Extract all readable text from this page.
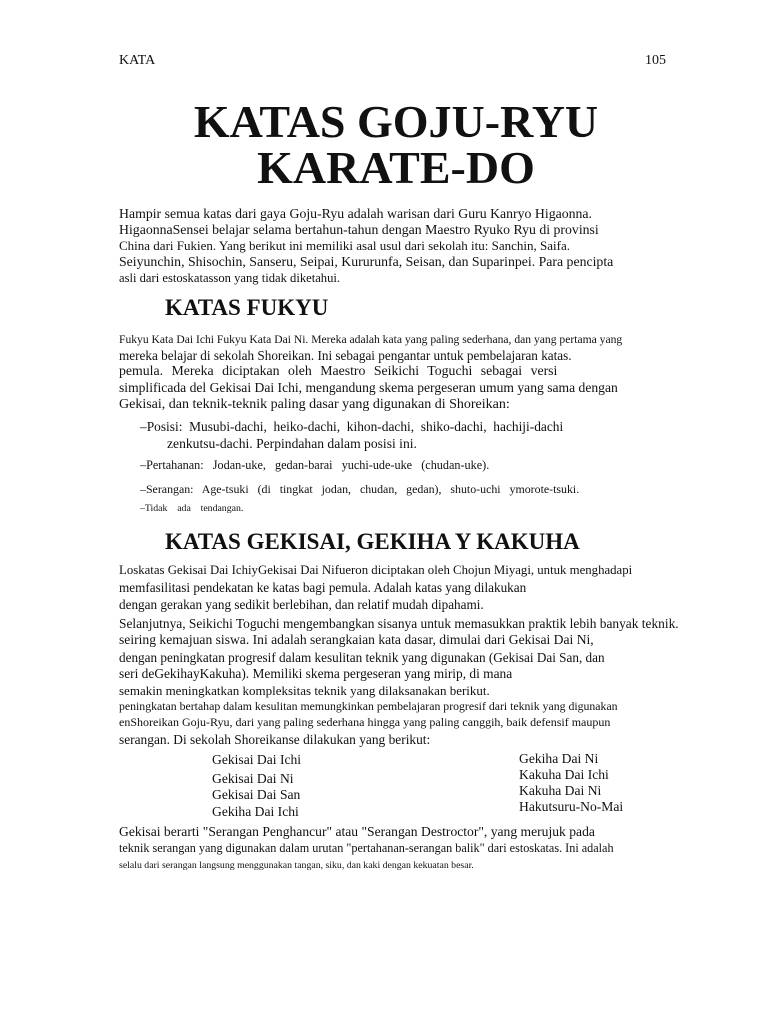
KATA	105
KATAS GOJU-RYU
KARATE-DO
Hampir semua katas dari gaya Goju-Ryu adalah warisan dari Guru Kanryo Higaonna.
HigaonnaSensei belajar selama bertahun-tahun dengan Maestro Ryuko Ryu di provinsi
China dari Fukien. Yang berikut ini memiliki asal usul dari sekolah itu: Sanchin, Saifa.
Seiyunchin, Shisochin, Sanseru, Seipai, Kururunfa, Seisan, dan Suparinpei. Para pencipta
asli dari estoskatasson yang tidak diketahui.
KATAS FUKYU
Fukyu Kata Dai Ichi Fukyu Kata Dai Ni. Mereka adalah kata yang paling sederhana, dan yang pertama yang
mereka belajar di sekolah Shoreikan. Ini sebagai pengantar untuk pembelajaran katas.
pemula. Mereka diciptakan oleh Maestro Seikichi Toguchi sebagai versi
simplificada del Gekisai Dai Ichi, mengandung skema pergeseran umum yang sama dengan
Gekisai, dan teknik-teknik paling dasar yang digunakan di Shoreikan:
–Posisi:  Musubi-dachi,  heiko-dachi,  kihon-dachi,  shiko-dachi,  hachiji-dachi
zenkutsu-dachi. Perpindahan dalam posisi ini.
–Pertahanan:   Jodan-uke,   gedan-barai   yuchi-ude-uke   (chudan-uke).
–Serangan:   Age-tsuki   (di   tingkat   jodan,   chudan,   gedan),   shuto-uchi   ymorote-tsuki.
–Tidak    ada    tendangan.
KATAS GEKISAI, GEKIHA Y KAKUHA
Loskatas Gekisai Dai IchiyGekisai Dai Nifueron diciptakan oleh Chojun Miyagi, untuk menghadapi
memfasilitasi pendekatan ke katas bagi pemula. Adalah katas yang dilakukan
dengan gerakan yang sedikit berlebihan, dan relatif mudah dipahami.
Selanjutnya, Seikichi Toguchi mengembangkan sisanya untuk memasukkan praktik lebih banyak teknik.
seiring kemajuan siswa. Ini adalah serangkaian kata dasar, dimulai dari Gekisai Dai Ni,
dengan peningkatan progresif dalam kesulitan teknik yang digunakan (Gekisai Dai San, dan
seri deGekihayKakuha). Memiliki skema pergeseran yang mirip, di mana
semakin meningkatkan kompleksitas teknik yang dilaksanakan berikut.
peningkatan bertahap dalam kesulitan memungkinkan pembelajaran progresif dari teknik yang digunakan
enShoreikan Goju-Ryu, dari yang paling sederhana hingga yang paling canggih, baik defensif maupun
serangan. Di sekolah Shoreikanse dilakukan yang berikut:
Gekisai Dai Ichi
Gekisai Dai Ni
Gekisai Dai San
Gekiha Dai Ichi
Gekiha Dai Ni
Kakuha Dai Ichi
Kakuha Dai Ni
Hakutsuru-No-Mai
Gekisai berarti "Serangan Penghancur" atau "Serangan Destroctor", yang merujuk pada
teknik serangan yang digunakan dalam urutan "pertahanan-serangan balik" dari estoskatas. Ini adalah
selalu dari serangan langsung menggunakan tangan, siku, dan kaki dengan kekuatan besar.
